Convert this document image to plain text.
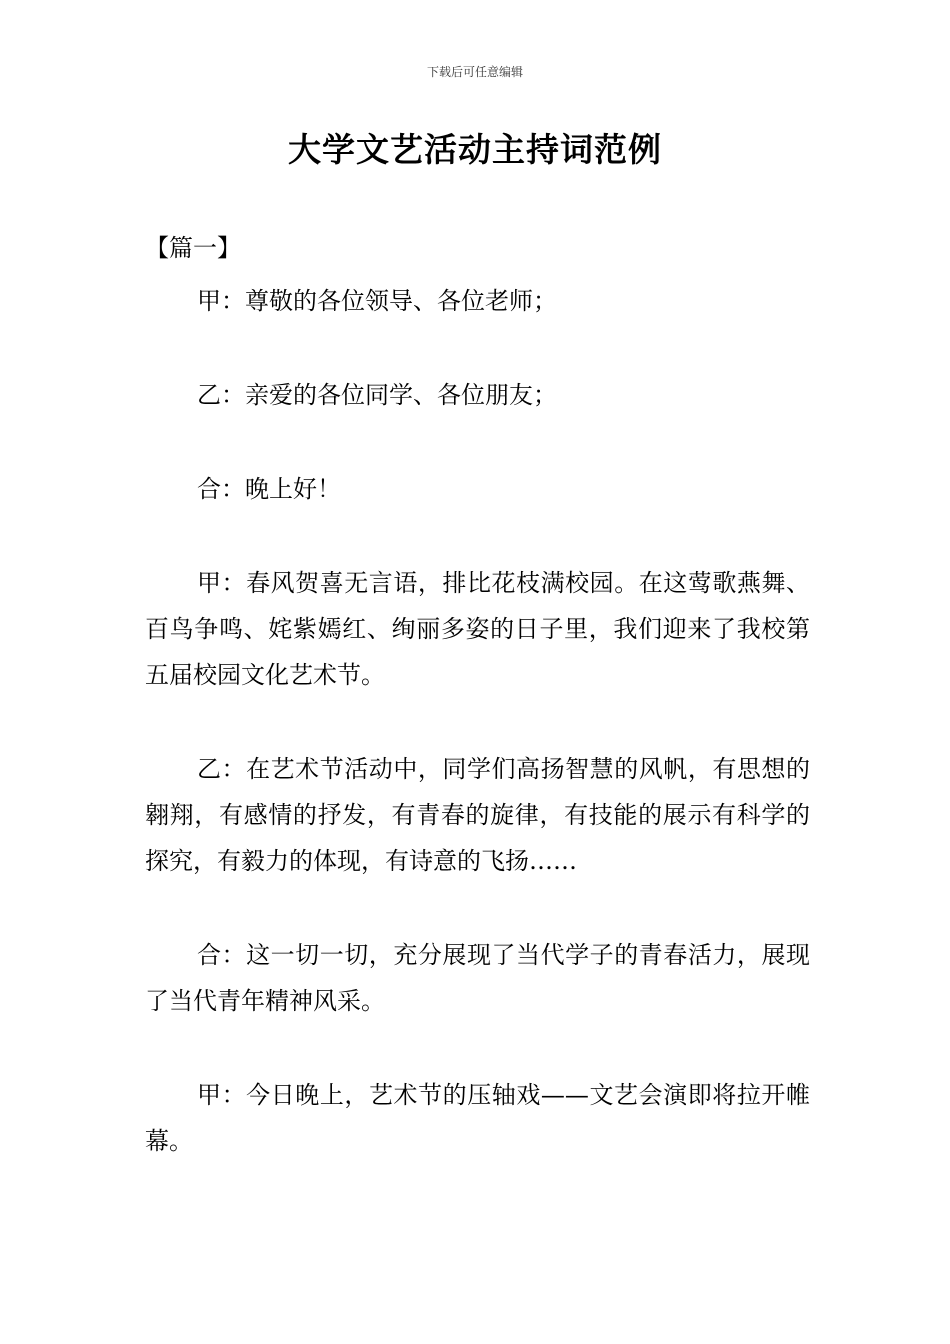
下载后可任意编辑
大学文艺活动主持词范例
【篇一】

甲：尊敬的各位领导、各位老师；

乙：亲爱的各位同学、各位朋友；

合：晚上好！

甲：春风贺喜无言语，排比花枝满校园。在这莺歌燕舞、百鸟争鸣、姹紫嫣红、绚丽多姿的日子里，我们迎来了我校第五届校园文化艺术节。

乙：在艺术节活动中，同学们高扬智慧的风帆，有思想的翱翔，有感情的抒发，有青春的旋律，有技能的展示有科学的探究，有毅力的体现，有诗意的飞扬……

合：这一切一切，充分展现了当代学子的青春活力，展现了当代青年精神风采。

甲：今日晚上，艺术节的压轴戏——文艺会演即将拉开帷幕。
